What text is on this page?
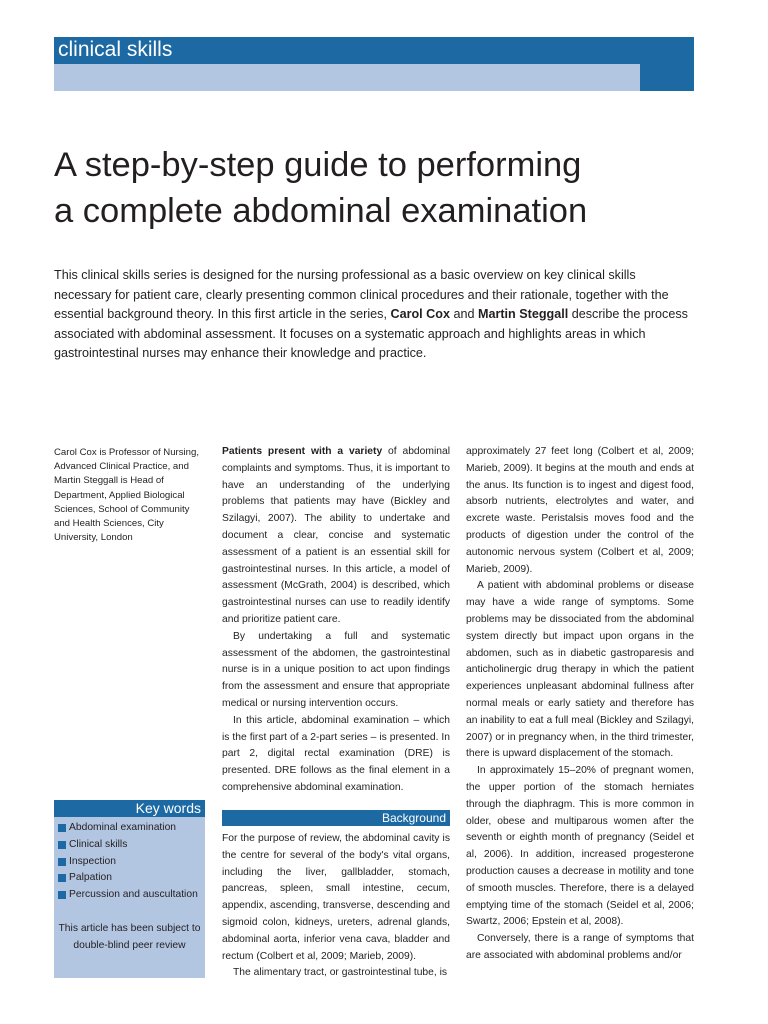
clinical skills
A step-by-step guide to performing
a complete abdominal examination

This clinical skills series is designed for the nursing professional as a basic overview on key clinical skills necessary for patient care, clearly presenting common clinical procedures and their rationale, together with the essential background theory. In this first article in the series, Carol Cox and Martin Steggall describe the process associated with abdominal assessment. It focuses on a systematic approach and highlights areas in which gastrointestinal nurses may enhance their knowledge and practice.

Carol Cox is Professor of Nursing, Advanced Clinical Practice, and Martin Steggall is Head of Department, Applied Biological Sciences, School of Community and Health Sciences, City University, London

Patients present with a variety of abdominal complaints and symptoms. Thus, it is important to have an understanding of the underlying problems that patients may have (Bickley and Szilagyi, 2007). The ability to undertake and document a clear, concise and systematic assessment of a patient is an essential skill for gastrointestinal nurses. In this article, a model of assessment (McGrath, 2004) is described, which gastrointestinal nurses can use to readily identify and prioritize patient care.

By undertaking a full and systematic assessment of the abdomen, the gastrointestinal nurse is in a unique position to act upon findings from the assessment and ensure that appropriate medical or nursing intervention occurs.

In this article, abdominal examination – which is the first part of a 2-part series – is presented. In part 2, digital rectal examination (DRE) is presented. DRE follows as the final element in a comprehensive abdominal examination.

Background

For the purpose of review, the abdominal cavity is the centre for several of the body's vital organs, including the liver, gallbladder, stomach, pancreas, spleen, small intestine, cecum, appendix, ascending, transverse, descending and sigmoid colon, kidneys, ureters, adrenal glands, abdominal aorta, inferior vena cava, bladder and rectum (Colbert et al, 2009; Marieb, 2009).

The alimentary tract, or gastrointestinal tube, is

approximately 27 feet long (Colbert et al, 2009; Marieb, 2009). It begins at the mouth and ends at the anus. Its function is to ingest and digest food, absorb nutrients, electrolytes and water, and excrete waste. Peristalsis moves food and the products of digestion under the control of the autonomic nervous system (Colbert et al, 2009; Marieb, 2009).

A patient with abdominal problems or disease may have a wide range of symptoms. Some problems may be dissociated from the abdominal system directly but impact upon organs in the abdomen, such as in diabetic gastroparesis and anticholinergic drug therapy in which the patient experiences unpleasant abdominal fullness after normal meals or early satiety and therefore has an inability to eat a full meal (Bickley and Szilagyi, 2007) or in pregnancy when, in the third trimester, there is upward displacement of the stomach.

In approximately 15–20% of pregnant women, the upper portion of the stomach herniates through the diaphragm. This is more common in older, obese and multiparous women after the seventh or eighth month of pregnancy (Seidel et al, 2006). In addition, increased progesterone production causes a decrease in motility and tone of smooth muscles. Therefore, there is a delayed emptying time of the stomach (Seidel et al, 2006; Swartz, 2006; Epstein et al, 2008).

Conversely, there is a range of symptoms that are associated with abdominal problems and/or

Key words
Abdominal examination
Clinical skills
Inspection
Palpation
Percussion and auscultation

This article has been subject to double-blind peer review
